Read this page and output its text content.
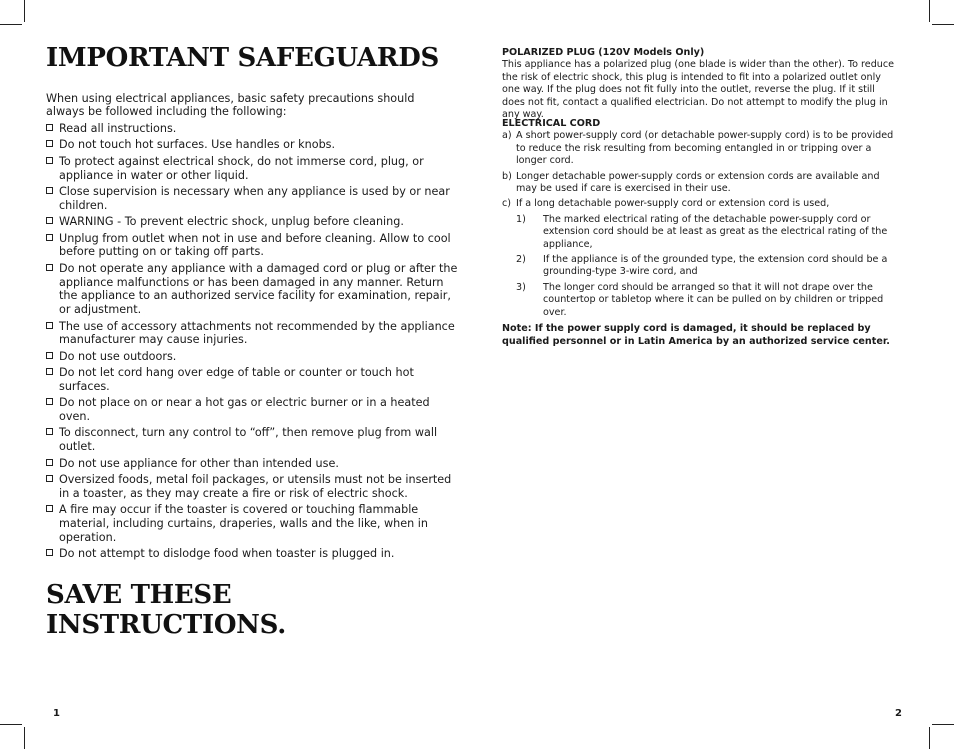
IMPORTANT SAFEGUARDS
When using electrical appliances, basic safety precautions should always be followed including the following:
Read all instructions.
Do not touch hot surfaces. Use handles or knobs.
To protect against electrical shock, do not immerse cord, plug, or appliance in water or other liquid.
Close supervision is necessary when any appliance is used by or near children.
WARNING - To prevent electric shock, unplug before cleaning.
Unplug from outlet when not in use and before cleaning. Allow to cool before putting on or taking off parts.
Do not operate any appliance with a damaged cord or plug or after the appliance malfunctions or has been damaged in any manner. Return the appliance to an authorized service facility for examination, repair, or adjustment.
The use of accessory attachments not recommended by the appliance manufacturer may cause injuries.
Do not use outdoors.
Do not let cord hang over edge of table or counter or touch hot surfaces.
Do not place on or near a hot gas or electric burner or in a heated oven.
To disconnect, turn any control to “off”, then remove plug from wall outlet.
Do not use appliance for other than intended use.
Oversized foods, metal foil packages, or utensils must not be inserted in a toaster, as they may create a fire or risk of electric shock.
A fire may occur if the toaster is covered or touching flammable material, including curtains, draperies, walls and the like, when in operation.
Do not attempt to dislodge food when toaster is plugged in.
SAVE THESE INSTRUCTIONS.
1
POLARIZED PLUG (120V Models Only)
This appliance has a polarized plug (one blade is wider than the other). To reduce the risk of electric shock, this plug is intended to fit into a polarized outlet only one way. If the plug does not fit fully into the outlet, reverse the plug. If it still does not fit, contact a qualified electrician. Do not attempt to modify the plug in any way.
ELECTRICAL CORD
a) A short power-supply cord (or detachable power-supply cord) is to be provided to reduce the risk resulting from becoming entangled in or tripping over a longer cord.
b) Longer detachable power-supply cords or extension cords are available and may be used if care is exercised in their use.
c) If a long detachable power-supply cord or extension cord is used,
1) The marked electrical rating of the detachable power-supply cord or extension cord should be at least as great as the electrical rating of the appliance,
2) If the appliance is of the grounded type, the extension cord should be a grounding-type 3-wire cord, and
3) The longer cord should be arranged so that it will not drape over the countertop or tabletop where it can be pulled on by children or tripped over.
Note: If the power supply cord is damaged, it should be replaced by qualified personnel or in Latin America by an authorized service center.
2
